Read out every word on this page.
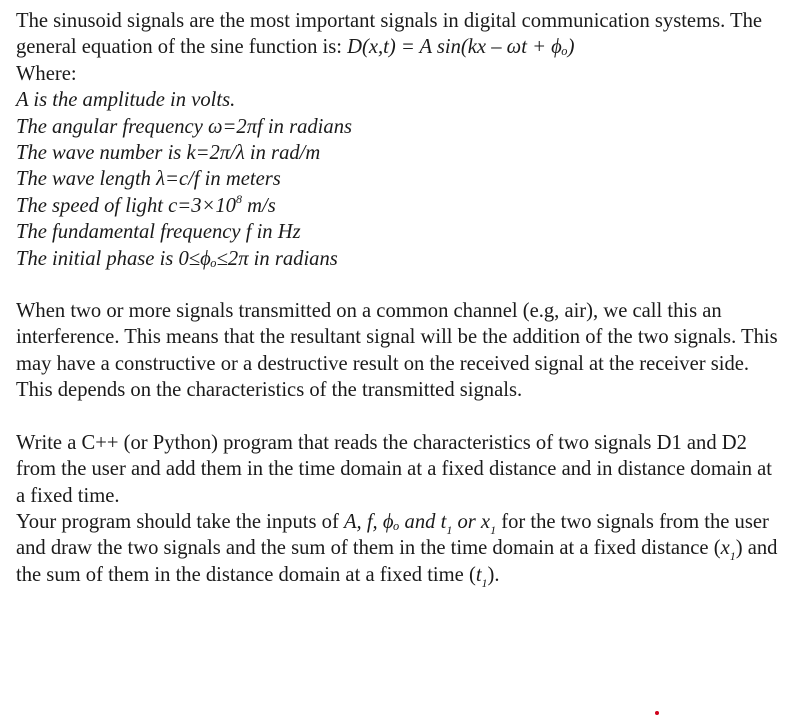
The sinusoid signals are the most important signals in digital communication systems. The general equation of the sine function is: D(x,t) = A sin(kx – ωt + ϕₒ)
Where:

A is the amplitude in volts.
The angular frequency ω=2πf in radians
The wave number is k=2π/λ in rad/m
The wave length λ=c/f in meters
The speed of light $c=3\times 10^8$ m/s
The fundamental frequency f in Hz
The initial phase is 0≤ϕₒ≤2π in radians

When two or more signals transmitted on a common channel (e.g, air), we call this an interference. This means that the resultant signal will be the addition of the two signals. This may have a constructive or a destructive result on the received signal at the receiver side. This depends on the characteristics of the transmitted signals.

Write a C++ (or Python) program that reads the characteristics of two signals D1 and D2 from the user and add them in the time domain at a fixed distance and in distance domain at a fixed time.

Your program should take the inputs of A, f, ϕₒ and $t_1$ or $x_1$ for the two signals from the user and draw the two signals and the sum of them in the time domain at a fixed distance $(x_1)$ and the sum of them in the distance domain at a fixed time $(t_1)$.
